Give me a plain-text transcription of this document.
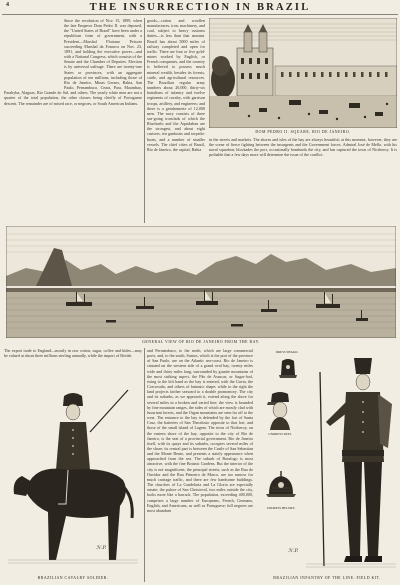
4	THE INSURRECTION IN BRAZIL
Since the revolution of Nov. 15, 1889, when the late Emperor Dom Pedro II. was deposed, the "United States of Brazil" have been under a republican form of government, with a President—Marshal Floriano Peixoto succeeding Marshal da Fonseca on Nov. 23, 1891, and holding the executive power—and with a National Congress, which consists of the Senate and the Chamber of Deputies. Election is by universal suffrage. There are twenty-one States or provinces, with an aggregate population of ten millions, including those of Rio de Janeiro, Minas Geraes, Bahia, San Paulo, Pernambuco, Ceara, Para, Maranhao, Parahyba, Alagoas, Rio Grande do Sul, and others. The yearly white men are not a quarter of the total population, the other classes being chiefly of Portuguese descent. The remainder are of mixed race, or negroes, or South American Indians.
goods—cotton and woollen manufactures, iron, machinery, and coal, subject to heavy customs duties—is less than that amount. Brazil has about 5000 miles of railway completed and open for traffic. There are four or five gold-mines worked by English, or French companies, and the country is believed to possess much mineral wealth, besides its forests, cattle, and agricultural resources. The Brazilian regular army numbers about 20,000, thirty-six battalions of infantry and twelve regiments of cavalry, with garrison troops, artillery, and engineers; and there is a gendarmerie of 12,000 men. The navy consists of three sea-going ironclads of which the Riachuelo and the Aquidaban are the strongest, and about eight cruisers, ten gunboats and torpedo-boats, and a number of smaller vessels. The chief cities of Brazil, Rio de Janeiro, the capital, Bahia
DOM PEDRO II. SQUARE, RIO DE JANEIRO.
in the streets and markets. The shores and isles of the bay are always beautiful; at this moment, however, they are the scene of fierce fighting between the insurgents and the Government forces. Admiral José de Mello, with his naval squadron, blockades the port, occasionally bombards the city, and has captured the town of Nictheroy. It is probable that a few days more will determine the issue of the conflict.
GENERAL VIEW OF RIO DE JANEIRO FROM THE BAY.
The export trade to England—mostly in raw cotton, sugar, coffee and hides—may be valued at about three millions sterling annually, while the import of British
and Pernambuco, to the north, which are large commercial ports, and, to the south, Santos, which is the port of the province of San Paulo, are on the Atlantic sea-coast. Rio de Janeiro is situated on the western side of a grand oval bay, twenty miles wide and thirty miles long, surrounded by granite mountains of the most striking aspect, the Pão de Assucar, or Sugar-loaf, rising to the left hand as the bay is entered, with the Gavia, the Corcovado, and others of fantastic shape; while to the right the land projects farther seaward to a double promontory. The city and its suburbs, as we approach it, extend along the shore for several miles in a broken and varied line; the view is bounded by fine mountain ranges, the sides of which are mostly clad with luxuriant forests, and the Organ mountains are seen far off to the west. The entrance to the bay is defended by the fort of Santa Cruz, the batteries of San Theodosio opposite to that fort, and those of the small island of Lagem. The town of Nictheroy, on the eastern shore of the bay, opposite to the city of Rio de Janeiro, is the seat of a provincial government. Rio de Janeiro itself, with its quays and its suburbs, occupies several miles of the shore; its central part is between the Castle of San Sebastian and the Monte Bento, and presents a stately appearance when approached from the sea. The suburb of Botafogo is most attractive, with the fine Botanic Gardens. But the interior of the city is not magnificent; the principal streets, such as the Rua do Ouvidor and the Rua Primeiro de Marco, are too narrow for much carriage traffic, and there are few handsome buildings. The churches of La Candelaria and La Gloria are especially ornate; the palace of San Christoval, two miles outside the city, looks more like a barrack. The population, exceeding 400,000, comprises a large number of Europeans, French, Germans, English, and Americans, as well as Portuguese; full negroes are most abundant
ℋ.P.
BRAZILIAN CAVALRY SOLDIER.
DRESS SHAKO.
UNDRESS KEPI.
UNDRESS HELMET.
ℋ.P.
BRAZILIAN INFANTRY OF THE LINE: FIELD KIT.
